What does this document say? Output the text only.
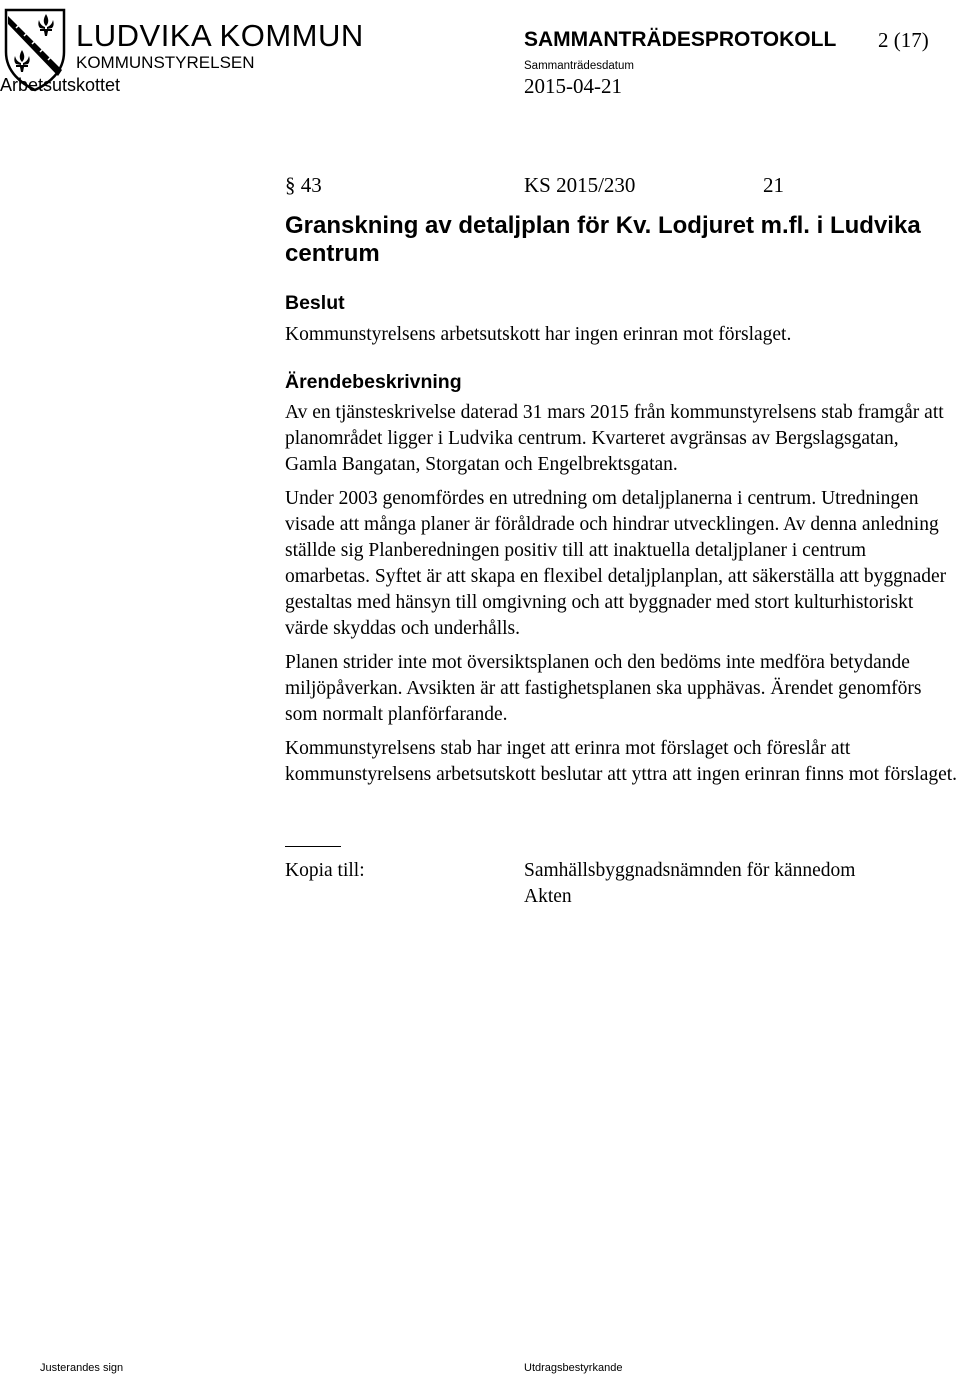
LUDVIKA KOMMUN
KOMMUNSTYRELSEN
Arbetsutskottet
SAMMANTRÄDESPROTOKOLL 2 (17)
Sammanträdesdatum
2015-04-21
§ 43	KS 2015/230	21
Granskning av detaljplan för Kv. Lodjuret m.fl. i Ludvika centrum
Beslut

Kommunstyrelsens arbetsutskott har ingen erinran mot förslaget.

Ärendebeskrivning

Av en tjänsteskrivelse daterad 31 mars 2015 från kommunstyrelsens stab framgår att planområdet ligger i Ludvika centrum. Kvarteret avgränsas av Bergslagsgatan, Gamla Bangatan, Storgatan och Engelbrektsgatan.

Under 2003 genomfördes en utredning om detaljplanerna i centrum. Utredningen visade att många planer är föråldrade och hindrar utvecklingen. Av denna anledning ställde sig Planberedningen positiv till att inaktuella detaljplaner i centrum omarbetas. Syftet är att skapa en flexibel detaljplanplan, att säkerställa att byggnader gestaltas med hänsyn till omgivning och att byggnader med stort kulturhistoriskt värde skyddas och underhålls.

Planen strider inte mot översiktsplanen och den bedöms inte medföra betydande miljöpåverkan. Avsikten är att fastighetsplanen ska upphävas. Ärendet genomförs som normalt planförfarande.

Kommunstyrelsens stab har inget att erinra mot förslaget och föreslår att kommunstyrelsens arbetsutskott beslutar att yttra att ingen erinran finns mot förslaget.

Kopia till:	Samhällsbyggnadsnämnden för kännedom
Akten
Justerandes sign	Utdragsbestyrkande
